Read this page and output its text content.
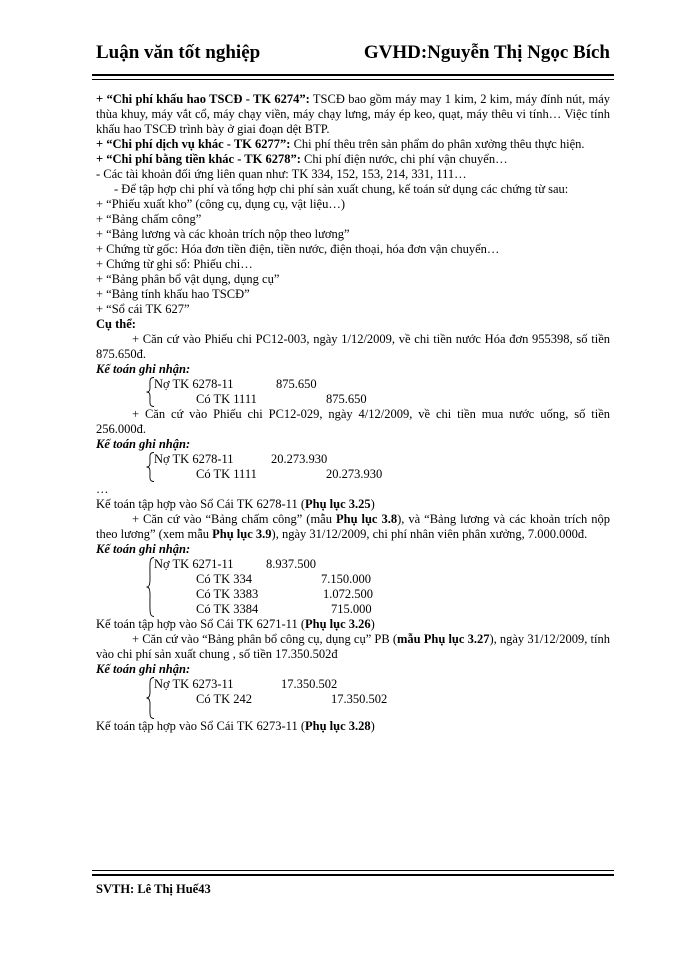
Luận văn tốt nghiệp	GVHD:Nguyễn Thị Ngọc Bích

+ “Chi phí khấu hao TSCĐ - TK 6274”: TSCĐ bao gồm máy may 1 kim, 2 kim, máy đính nút, máy thùa khuy, máy vắt cổ, máy chạy viền, máy chạy lưng, máy ép keo, quạt, máy thêu vi tính… Việc tính khấu hao TSCĐ trình bày ở giai đoạn dệt BTP.

+ “Chi phí dịch vụ khác - TK 6277”: Chi phí thêu trên sản phẩm do phân xưởng thêu thực hiện.

+ “Chi phí bằng tiền khác - TK 6278”: Chi phí điện nước, chi phí vận chuyển…

- Các tài khoản đối ứng liên quan như: TK 334, 152, 153, 214, 331, 111…

- Để tập hợp chi phí và tổng hợp chi phí sản xuất chung, kế toán sử dụng các chứng từ sau:

+ “Phiếu xuất kho” (công cụ, dụng cụ, vật liệu…)

+ “Bảng chấm công”

+ “Bảng lương và các khoản trích nộp theo lương”

+ Chứng từ gốc: Hóa đơn tiền điện, tiền nước, điện thoại, hóa đơn vận chuyển…

+ Chứng từ ghi sổ: Phiếu chi…

+ “Bảng phân bổ vật dụng, dụng cụ”

+ “Bảng tính khấu hao TSCĐ”

+ “Sổ cái TK 627”

Cụ thể:

+ Căn cứ vào Phiếu chi PC12-003, ngày 1/12/2009, về chi tiền nước Hóa đơn 955398, số tiền 875.650đ.

Kế toán ghi nhận:

Nợ TK 6278-11	875.650
Có TK 1111	875.650

+ Căn cứ vào Phiếu chi PC12-029, ngày 4/12/2009, về chi tiền mua nước uống, số tiền 256.000đ.

Kế toán ghi nhận:

Nợ TK 6278-11	20.273.930
Có TK 1111	20.273.930

…

Kế toán tập hợp vào Sổ Cái TK 6278-11 (Phụ lục 3.25)

+ Căn cứ vào “Bảng chấm công” (mẫu Phụ lục 3.8), và “Bảng lương và các khoản trích nộp theo lương” (xem mẫu Phụ lục 3.9), ngày 31/12/2009, chi phí nhân viên phân xưởng, 7.000.000đ.

Kế toán ghi nhận:

Nợ TK 6271-11	8.937.500
Có TK 334	7.150.000
Có TK 3383	1.072.500
Có TK 3384	715.000

Kế toán tập hợp vào Sổ Cái TK 6271-11 (Phụ lục 3.26)

+ Căn cứ vào “Bảng phân bổ công cụ, dụng cụ” PB (mẫu Phụ lục 3.27), ngày 31/12/2009, tính vào chi phí sản xuất chung , số tiền 17.350.502đ

Kế toán ghi nhận:

Nợ TK 6273-11	17.350.502
Có TK 242	17.350.502

Kế toán tập hợp vào Sổ Cái TK 6273-11 (Phụ lục 3.28)

SVTH: Lê Thị Huế43
